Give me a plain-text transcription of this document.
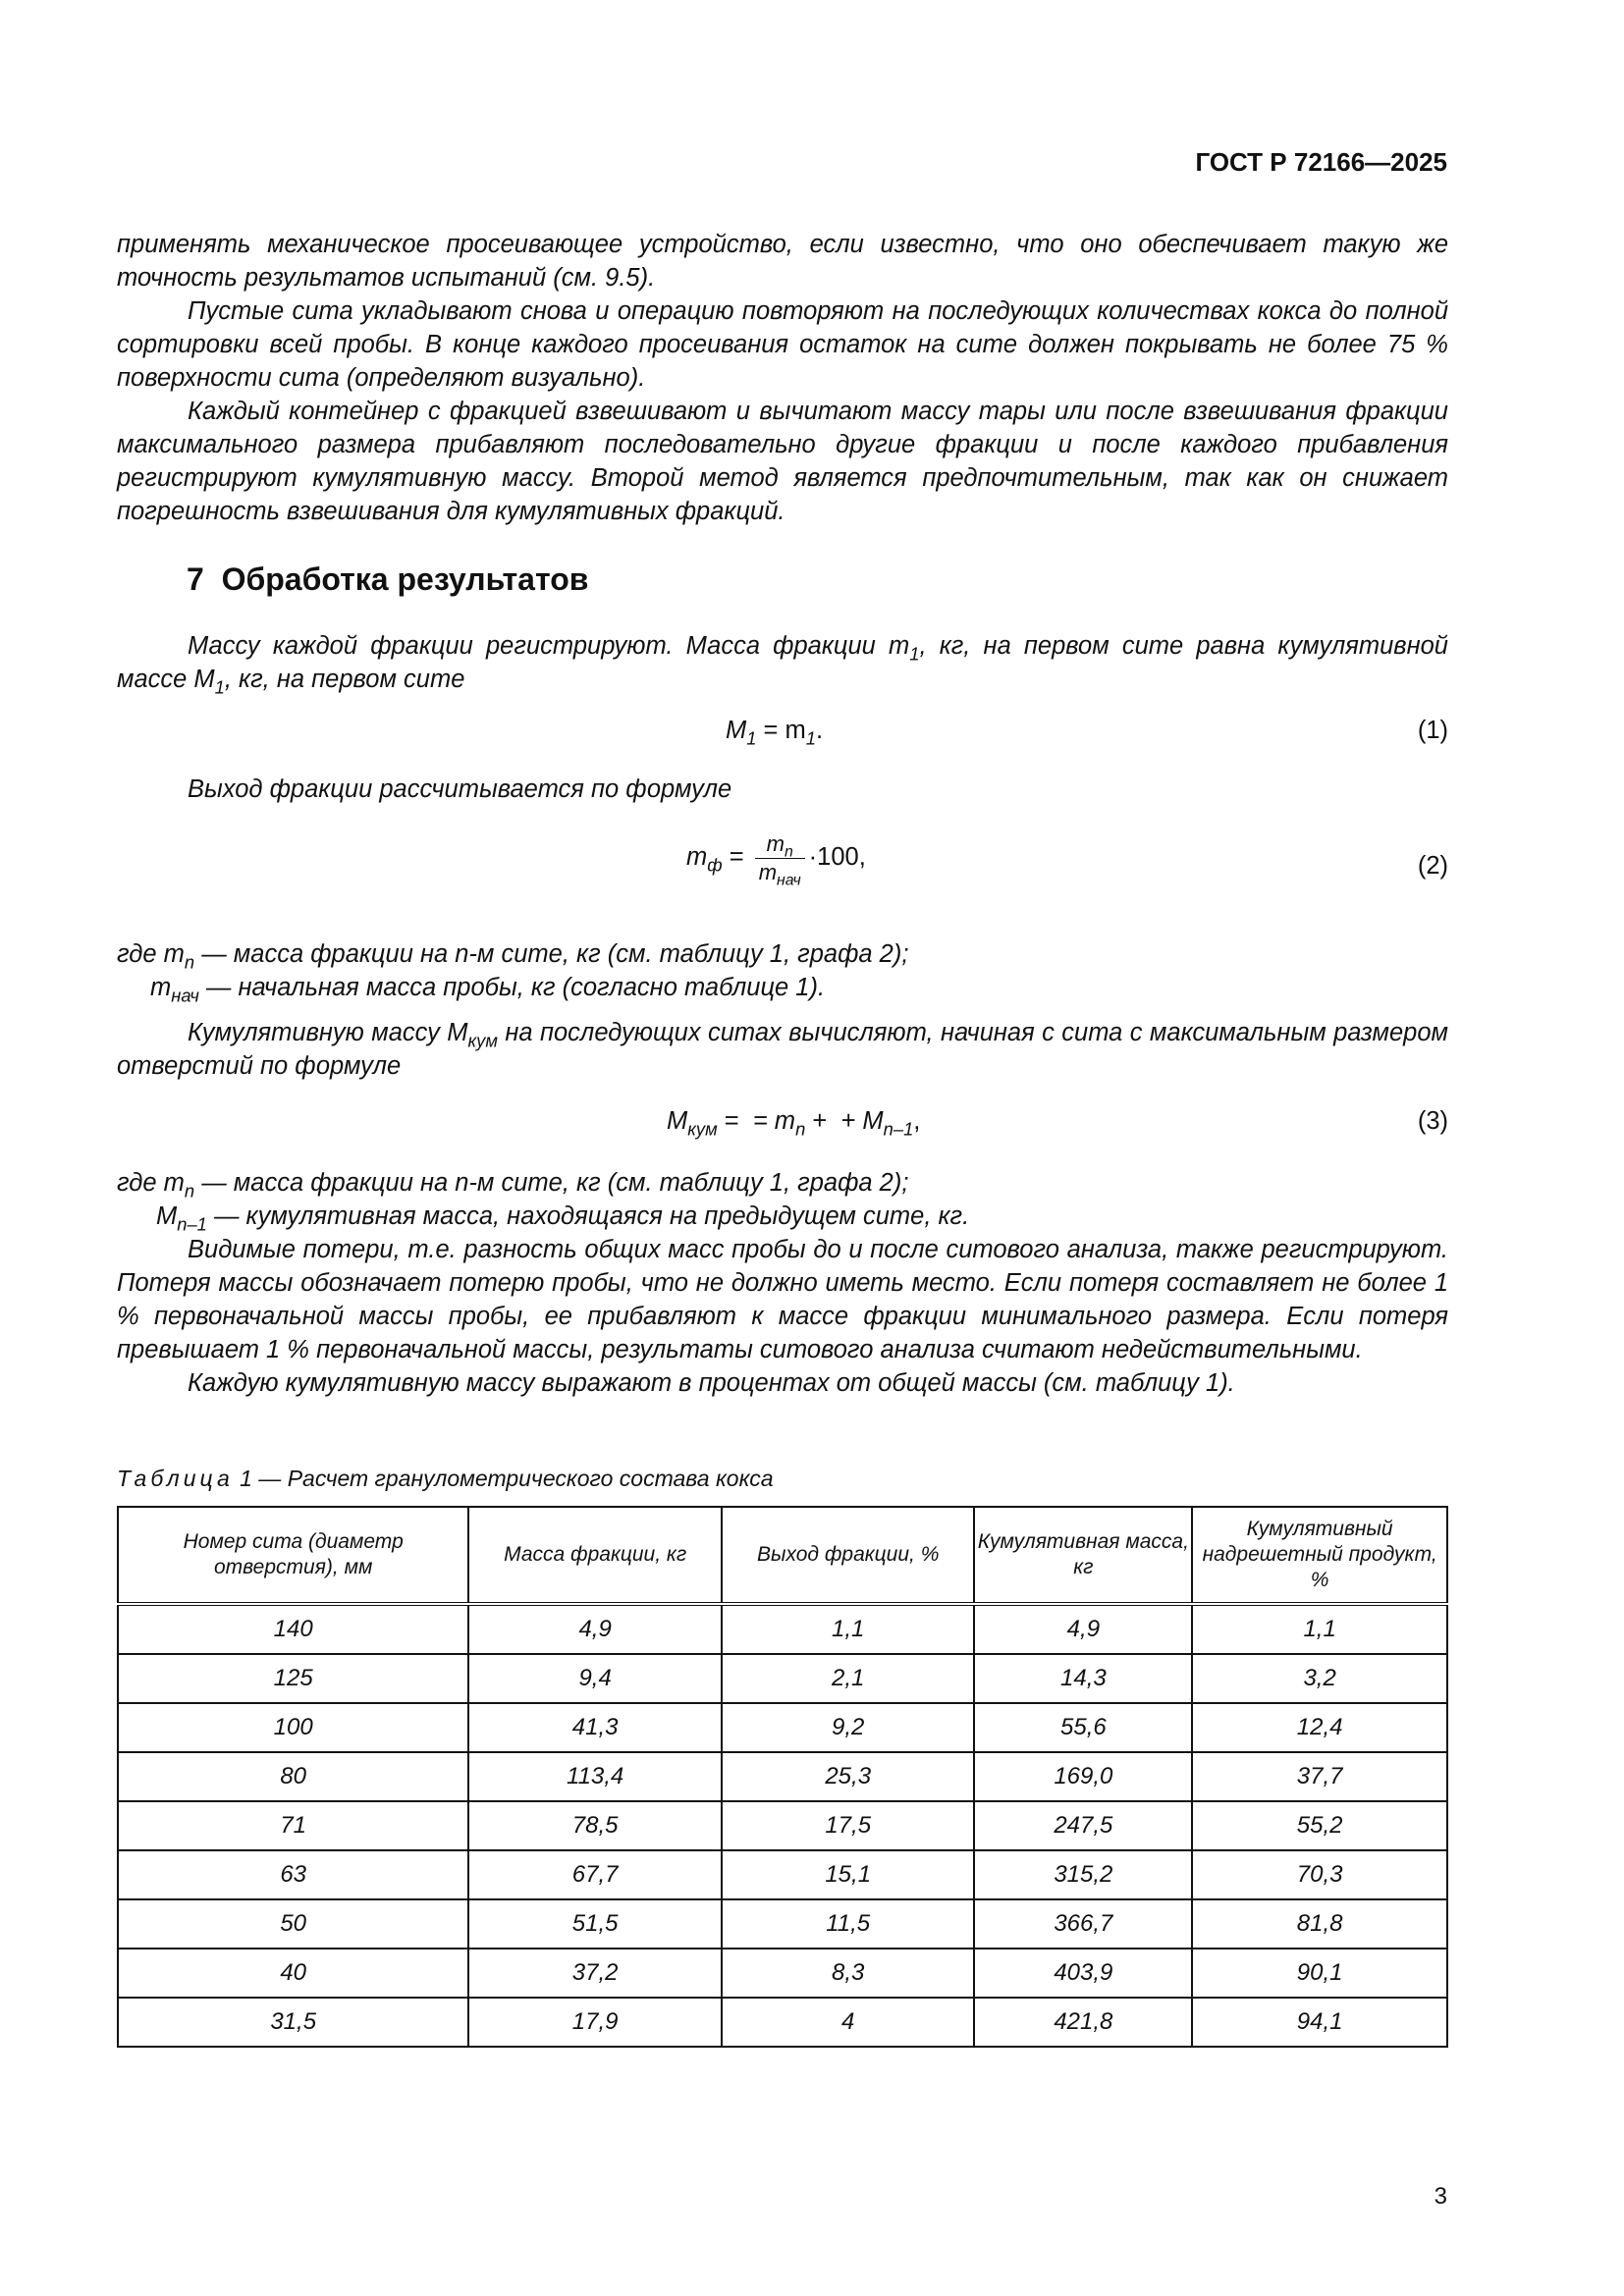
ГОСТ Р 72166—2025

применять механическое просеивающее устройство, если известно, что оно обеспечивает такую же точность результатов испытаний (см. 9.5).

Пустые сита укладывают снова и операцию повторяют на последующих количествах кокса до полной сортировки всей пробы. В конце каждого просеивания остаток на сите должен покрывать не более 75 % поверхности сита (определяют визуально).

Каждый контейнер с фракцией взвешивают и вычитают массу тары или после взвешивания фракции максимального размера прибавляют последовательно другие фракции и после каждого прибавления регистрируют кумулятивную массу. Второй метод является предпочтительным, так как он снижает погрешность взвешивания для кумулятивных фракций.

7 Обработка результатов

Массу каждой фракции регистрируют. Масса фракции $m_1$, кг, на первом сите равна кумулятивной массе $M_1$, кг, на первом сите

$M_1 = m_1$.	(1)

Выход фракции рассчитывается по формуле

$m_ф = \frac{m_n}{m_{нач}} \cdot 100$,	(2)
где $m_n$ — масса фракции на n-м сите, кг (см. таблицу 1, графа 2);
$m_{нач}$ — начальная масса пробы, кг (согласно таблице 1).

Кумулятивную массу $M_{кум}$ на последующих ситах вычисляют, начиная с сита с максимальным размером отверстий по формуле

$M_{кум}$ =  = $m_n$ +  + $M_{n-1}$,	(3)
где $m_n$ — масса фракции на n-м сите, кг (см. таблицу 1, графа 2);
$M_{n-1}$ — кумулятивная масса, находящаяся на предыдущем сите, кг.

Видимые потери, т.е. разность общих масс пробы до и после ситового анализа, также регистрируют. Потеря массы обозначает потерю пробы, что не должно иметь место. Если потеря составляет не более 1 % первоначальной массы пробы, ее прибавляют к массе фракции минимального размера. Если потеря превышает 1 % первоначальной массы, результаты ситового анализа считают недействительными.

Каждую кумулятивную массу выражают в процентах от общей массы (см. таблицу 1).

Таблица 1 — Расчет гранулометрического состава кокса
Номер сита (диаметр отверстия), мм	Масса фракции, кг	Выход фракции, %	Кумулятивная масса, кг	Кумулятивный надрешетный продукт, %
140	4,9	1,1	4,9	1,1
125	9,4	2,1	14,3	3,2
100	41,3	9,2	55,6	12,4
80	113,4	25,3	169,0	37,7
71	78,5	17,5	247,5	55,2
63	67,7	15,1	315,2	70,3
50	51,5	11,5	366,7	81,8
40	37,2	8,3	403,9	90,1
31,5	17,9	4	421,8	94,1
3
